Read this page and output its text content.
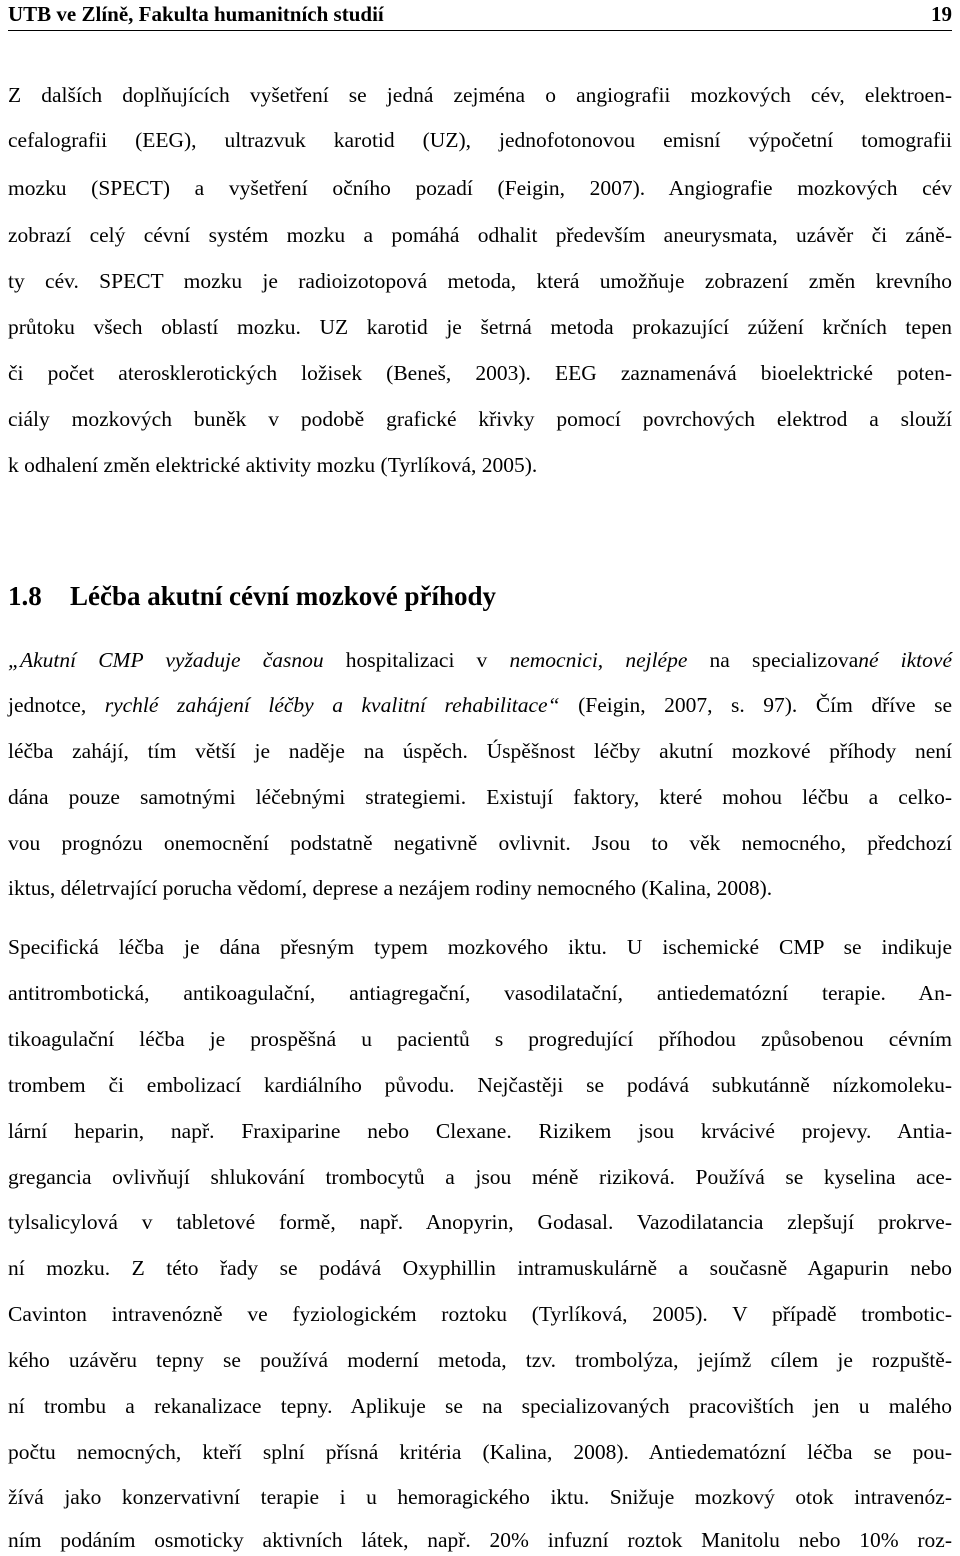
UTB ve Zlíně, Fakulta humanitních studií	19
Z dalších doplňujících vyšetření se jedná zejména o angiografii mozkových cév, elektroen-
cefalografii (EEG), ultrazvuk karotid (UZ), jednofotonovou emisní výpočetní tomografii
mozku (SPECT) a vyšetření očního pozadí (Feigin, 2007). Angiografie mozkových cév
zobrazí celý cévní systém mozku a pomáhá odhalit především aneurysmata, uzávěr či záně-
ty cév. SPECT mozku je radioizotopová metoda, která umožňuje zobrazení změn krevního
průtoku všech oblastí mozku. UZ karotid je šetrná metoda prokazující zúžení krčních tepen
či počet aterosklerotických ložisek (Beneš, 2003). EEG zaznamenává bioelektrické poten-
ciály mozkových buněk v podobě grafické křivky pomocí povrchových elektrod a slouží
k odhalení změn elektrické aktivity mozku (Tyrlíková, 2005).
1.8 Léčba akutní cévní mozkové příhody
„Akutní CMP vyžaduje časnou hospitalizaci v nemocnici, nejlépe na specializované iktové
jednotce, rychlé zahájení léčby a kvalitní rehabilitace“ (Feigin, 2007, s. 97). Čím dříve se
léčba zahájí, tím větší je naděje na úspěch. Úspěšnost léčby akutní mozkové příhody není
dána pouze samotnými léčebnými strategiemi. Existují faktory, které mohou léčbu a celko-
vou prognózu onemocnění podstatně negativně ovlivnit. Jsou to věk nemocného, předchozí
iktus, déletrvající porucha vědomí, deprese a nezájem rodiny nemocného (Kalina, 2008).
Specifická léčba je dána přesným typem mozkového iktu. U ischemické CMP se indikuje
antitrombotická, antikoagulační, antiagregační, vasodilatační, antiedematózní terapie. An-
tikoagulační léčba je prospěšná u pacientů s progredující příhodou způsobenou cévním
trombem či embolizací kardiálního původu. Nejčastěji se podává subkutánně nízkomoleku-
lární heparin, např. Fraxiparine nebo Clexane. Rizikem jsou krvácivé projevy. Antia-
gregancia ovlivňují shlukování trombocytů a jsou méně riziková. Používá se kyselina ace-
tylsalicylová v tabletové formě, např. Anopyrin, Godasal. Vazodilatancia zlepšují prokrve-
ní mozku. Z této řady se podává Oxyphillin intramuskulárně a současně Agapurin nebo
Cavinton intravenózně ve fyziologickém roztoku (Tyrlíková, 2005). V případě trombotic-
kého uzávěru tepny se používá moderní metoda, tzv. trombolýza, jejímž cílem je rozpuště-
ní trombu a rekanalizace tepny. Aplikuje se na specializovaných pracovištích jen u malého
počtu nemocných, kteří splní přísná kritéria (Kalina, 2008). Antiedematózní léčba se pou-
žívá jako konzervativní terapie i u hemoragického iktu. Snižuje mozkový otok intravenóz-
ním podáním osmoticky aktivních látek, např. 20% infuzní roztok Manitolu nebo 10% roz-
